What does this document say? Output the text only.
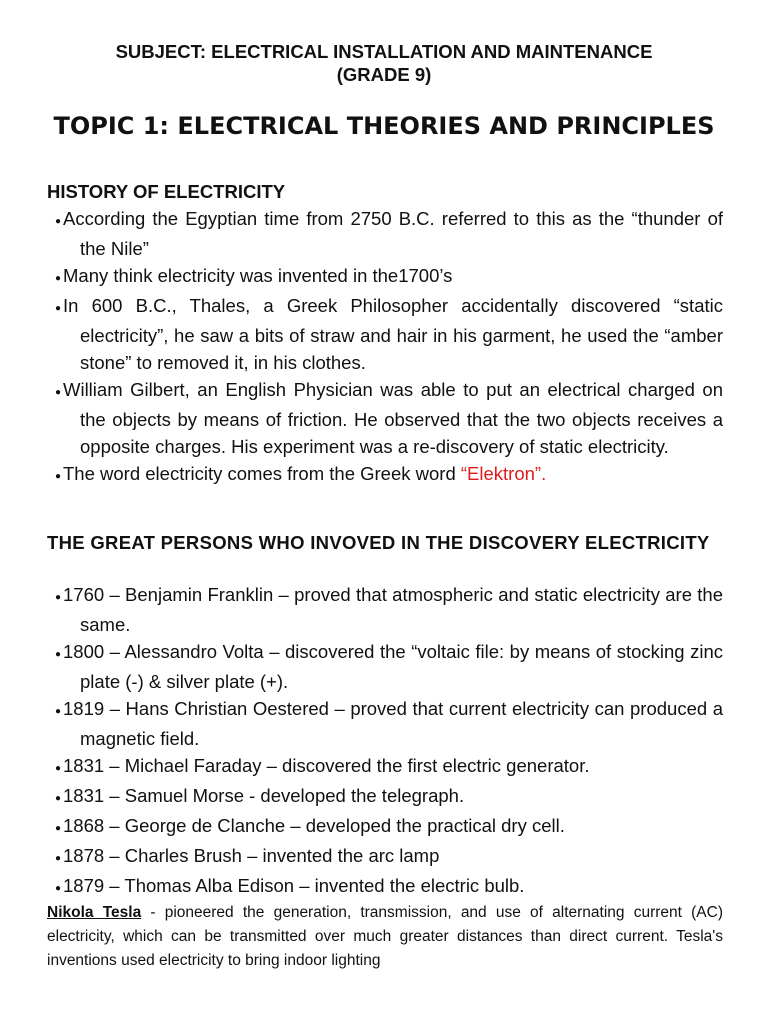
SUBJECT: ELECTRICAL INSTALLATION AND MAINTENANCE
(GRADE 9)
TOPIC 1: ELECTRICAL THEORIES AND PRINCIPLES
HISTORY OF ELECTRICITY
● According the Egyptian time from 2750 B.C. referred to this as the “thunder of the Nile”
● Many think electricity was invented in the1700’s
● In 600 B.C., Thales, a Greek Philosopher accidentally discovered “static electricity”, he saw a bits of straw and hair in his garment, he used the “amber stone” to removed it, in his clothes.
● William Gilbert, an English Physician was able to put an electrical charged on the objects by means of friction. He observed that the two objects receives a opposite charges. His experiment was a re-discovery of static electricity.
● The word electricity comes from the Greek word “Elektron”.
THE GREAT PERSONS WHO INVOVED IN THE DISCOVERY ELECTRICITY
● 1760 – Benjamin Franklin – proved that atmospheric and static electricity are the same.
● 1800 – Alessandro Volta – discovered the “voltaic file: by means of stocking zinc plate (-) & silver plate (+).
● 1819 – Hans Christian Oestered – proved that current electricity can produced a magnetic field.
● 1831 – Michael Faraday – discovered the first electric generator.
● 1831 – Samuel Morse - developed the telegraph.
● 1868 – George de Clanche – developed the practical dry cell.
● 1878 – Charles Brush – invented the arc lamp
● 1879 – Thomas Alba Edison – invented the electric bulb.
Nikola Tesla - pioneered the generation, transmission, and use of alternating current (AC) electricity, which can be transmitted over much greater distances than direct current. Tesla's inventions used electricity to bring indoor lighting
